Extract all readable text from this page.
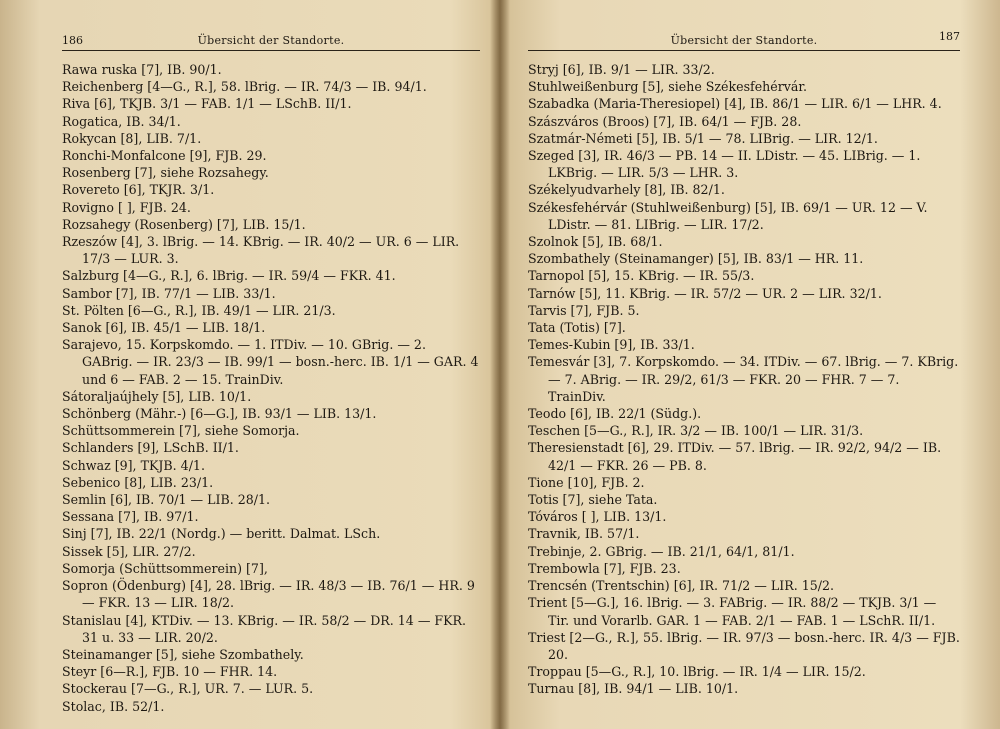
186	Übersicht der Standorte.

Rawa ruska [7], IB. 90/1.

Reichenberg [4—G., R.], 58. lBrig. — IR. 74/3 — IB. 94/1.

Riva [6], TKJB. 3/1 — FAB. 1/1 — LSchB. II/1.

Rogatica, IB. 34/1.

Rokycan [8], LIB. 7/1.

Ronchi-Monfalcone [9], FJB. 29.

Rosenberg [7], siehe Rozsahegy.

Rovereto [6], TKJR. 3/1.

Rovigno [ ], FJB. 24.

Rozsahegy (Rosenberg) [7], LIB. 15/1.

Rzeszów [4], 3. lBrig. — 14. KBrig. — IR. 40/2 — UR. 6 — LIR. 17/3 — LUR. 3.

Salzburg [4—G., R.], 6. lBrig. — IR. 59/4 — FKR. 41.

Sambor [7], IB. 77/1 — LIB. 33/1.

St. Pölten [6—G., R.], IB. 49/1 — LIR. 21/3.

Sanok [6], IB. 45/1 — LIB. 18/1.

Sarajevo, 15. Korpskomdo. — 1. ITDiv. — 10. GBrig. — 2. GABrig. — IR. 23/3 — IB. 99/1 — bosn.-herc. IB. 1/1 — GAR. 4 und 6 — FAB. 2 — 15. TrainDiv.

Sátoraljaújhely [5], LIB. 10/1.

Schönberg (Mähr.-) [6—G.], IB. 93/1 — LIB. 13/1.

Schüttsommerein [7], siehe Somorja.

Schlanders [9], LSchB. II/1.

Schwaz [9], TKJB. 4/1.

Sebenico [8], LIB. 23/1.

Semlin [6], IB. 70/1 — LIB. 28/1.

Sessana [7], IB. 97/1.

Sinj [7], IB. 22/1 (Nordg.) — beritt. Dalmat. LSch.

Sissek [5], LIR. 27/2.

Somorja (Schüttsommerein) [7],

Sopron (Ödenburg) [4], 28. lBrig. — IR. 48/3 — IB. 76/1 — HR. 9 — FKR. 13 — LIR. 18/2.

Stanislau [4], KTDiv. — 13. KBrig. — IR. 58/2 — DR. 14 — FKR. 31 u. 33 — LIR. 20/2.

Steinamanger [5], siehe Szombathely.

Steyr [6—R.], FJB. 10 — FHR. 14.

Stockerau [7—G., R.], UR. 7. — LUR. 5.

Stolac, IB. 52/1.

Übersicht der Standorte.	187

Stryj [6], IB. 9/1 — LIR. 33/2.

Stuhlweißenburg [5], siehe Székesfehérvár.

Szabadka (Maria-Theresiopel) [4], IB. 86/1 — LIR. 6/1 — LHR. 4.

Szászváros (Broos) [7], IB. 64/1 — FJB. 28.

Szatmár-Németi [5], IB. 5/1 — 78. LIBrig. — LIR. 12/1.

Szeged [3], IR. 46/3 — PB. 14 — II. LDistr. — 45. LIBrig. — 1. LKBrig. — LIR. 5/3 — LHR. 3.

Székelyudvarhely [8], IB. 82/1.

Székesfehérvár (Stuhlweißenburg) [5], IB. 69/1 — UR. 12 — V. LDistr. — 81. LIBrig. — LIR. 17/2.

Szolnok [5], IB. 68/1.

Szombathely (Steinamanger) [5], IB. 83/1 — HR. 11.

Tarnopol [5], 15. KBrig. — IR. 55/3.

Tarnów [5], 11. KBrig. — IR. 57/2 — UR. 2 — LIR. 32/1.

Tarvis [7], FJB. 5.

Tata (Totis) [7].

Temes-Kubin [9], IB. 33/1.

Temesvár [3], 7. Korpskomdo. — 34. ITDiv. — 67. lBrig. — 7. KBrig. — 7. ABrig. — IR. 29/2, 61/3 — FKR. 20 — FHR. 7 — 7. TrainDiv.

Teodo [6], IB. 22/1 (Südg.).

Teschen [5—G., R.], IR. 3/2 — IB. 100/1 — LIR. 31/3.

Theresienstadt [6], 29. ITDiv. — 57. lBrig. — IR. 92/2, 94/2 — IB. 42/1 — FKR. 26 — PB. 8.

Tione [10], FJB. 2.

Totis [7], siehe Tata.

Tóváros [ ], LIB. 13/1.

Travnik, IB. 57/1.

Trebinje, 2. GBrig. — IB. 21/1, 64/1, 81/1.

Trembowla [7], FJB. 23.

Trencsén (Trentschin) [6], IR. 71/2 — LIR. 15/2.

Trient [5—G.], 16. lBrig. — 3. FABrig. — IR. 88/2 — TKJB. 3/1 — Tir. und Vorarlb. GAR. 1 — FAB. 2/1 — FAB. 1 — LSchR. II/1.

Triest [2—G., R.], 55. lBrig. — IR. 97/3 — bosn.-herc. IR. 4/3 — FJB. 20.

Troppau [5—G., R.], 10. lBrig. — IR. 1/4 — LIR. 15/2.

Turnau [8], IB. 94/1 — LIB. 10/1.
